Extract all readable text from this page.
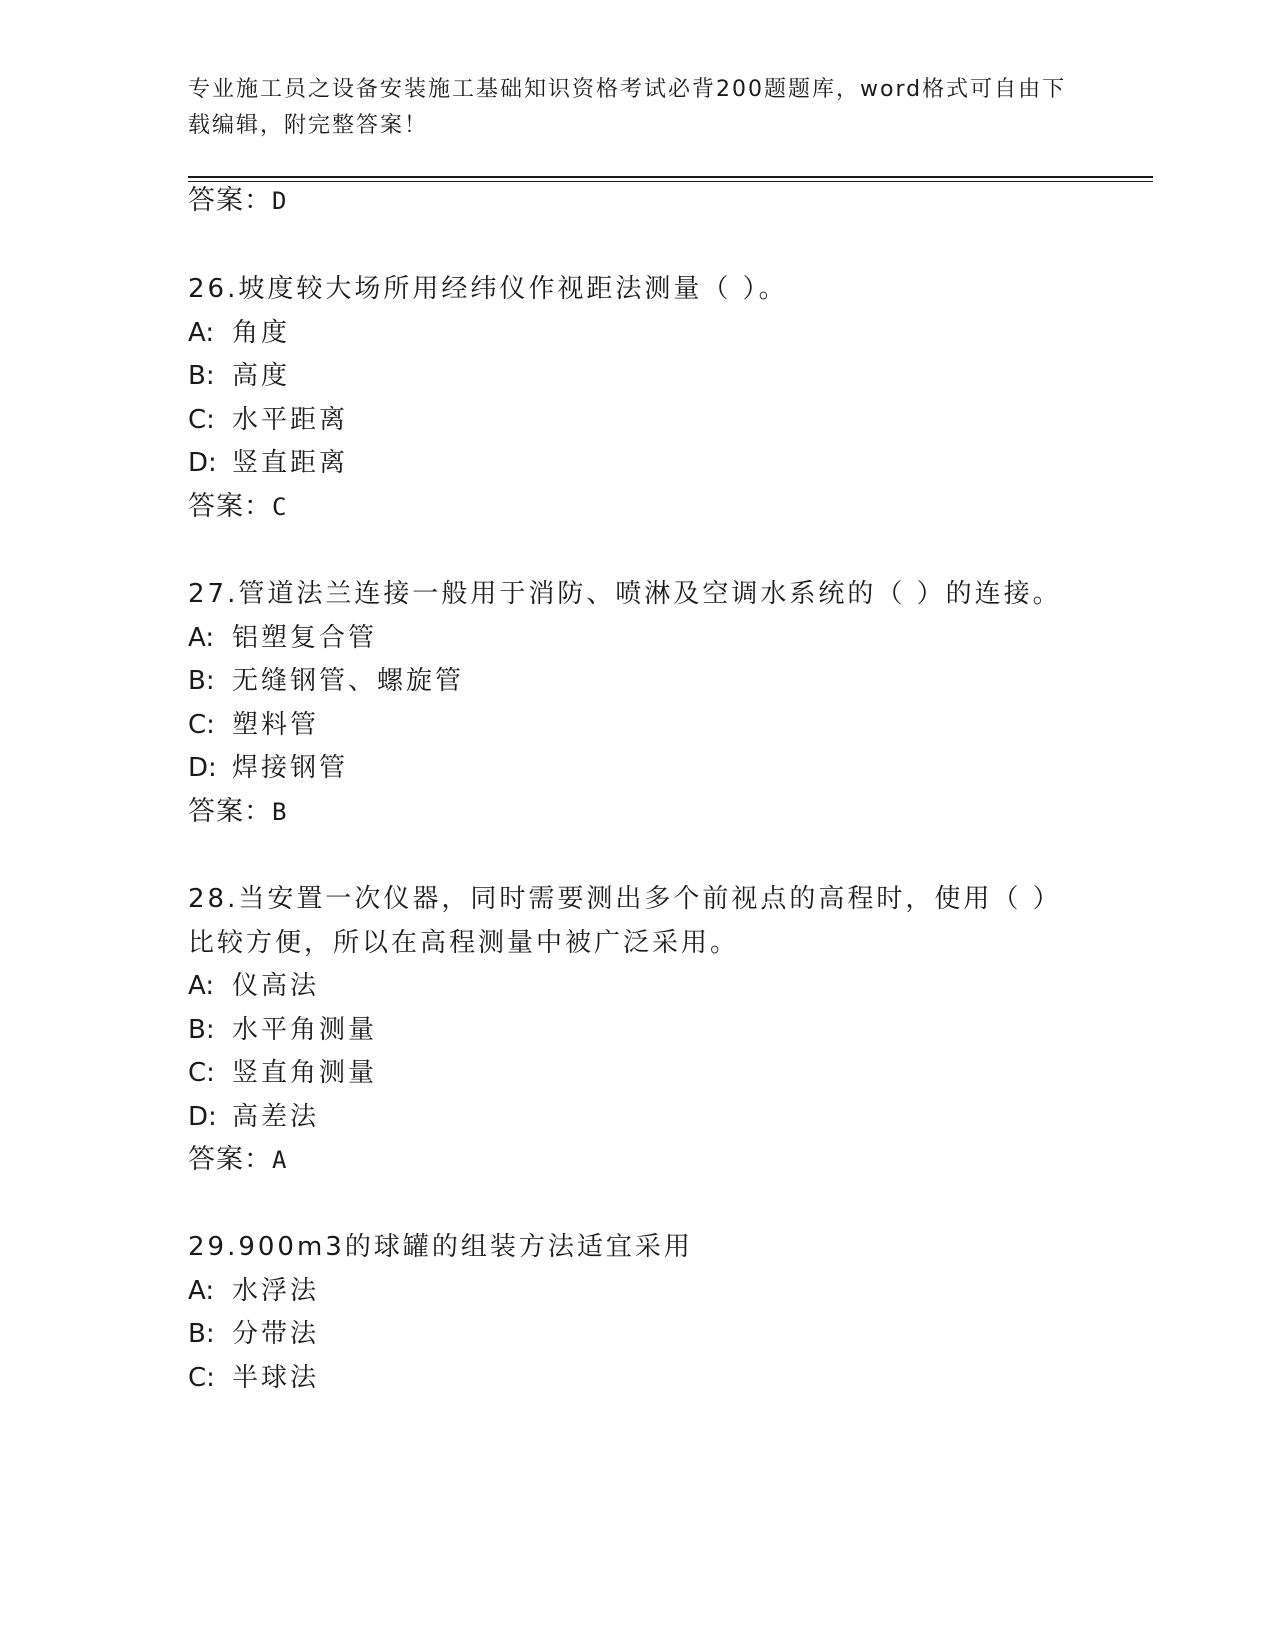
专业施工员之设备安装施工基础知识资格考试必背200题题库，word格式可自由下载编辑，附完整答案！
答案：D
26.坡度较大场所用经纬仪作视距法测量（ ）。
A: 角度
B: 高度
C: 水平距离
D: 竖直距离
答案：C
27.管道法兰连接一般用于消防、喷淋及空调水系统的（ ）的连接。
A: 铝塑复合管
B: 无缝钢管、螺旋管
C: 塑料管
D: 焊接钢管
答案：B
28.当安置一次仪器，同时需要测出多个前视点的高程时，使用（ ）
比较方便，所以在高程测量中被广泛采用。
A: 仪高法
B: 水平角测量
C: 竖直角测量
D: 高差法
答案：A
29.900m3的球罐的组装方法适宜采用
A: 水浮法
B: 分带法
C: 半球法
